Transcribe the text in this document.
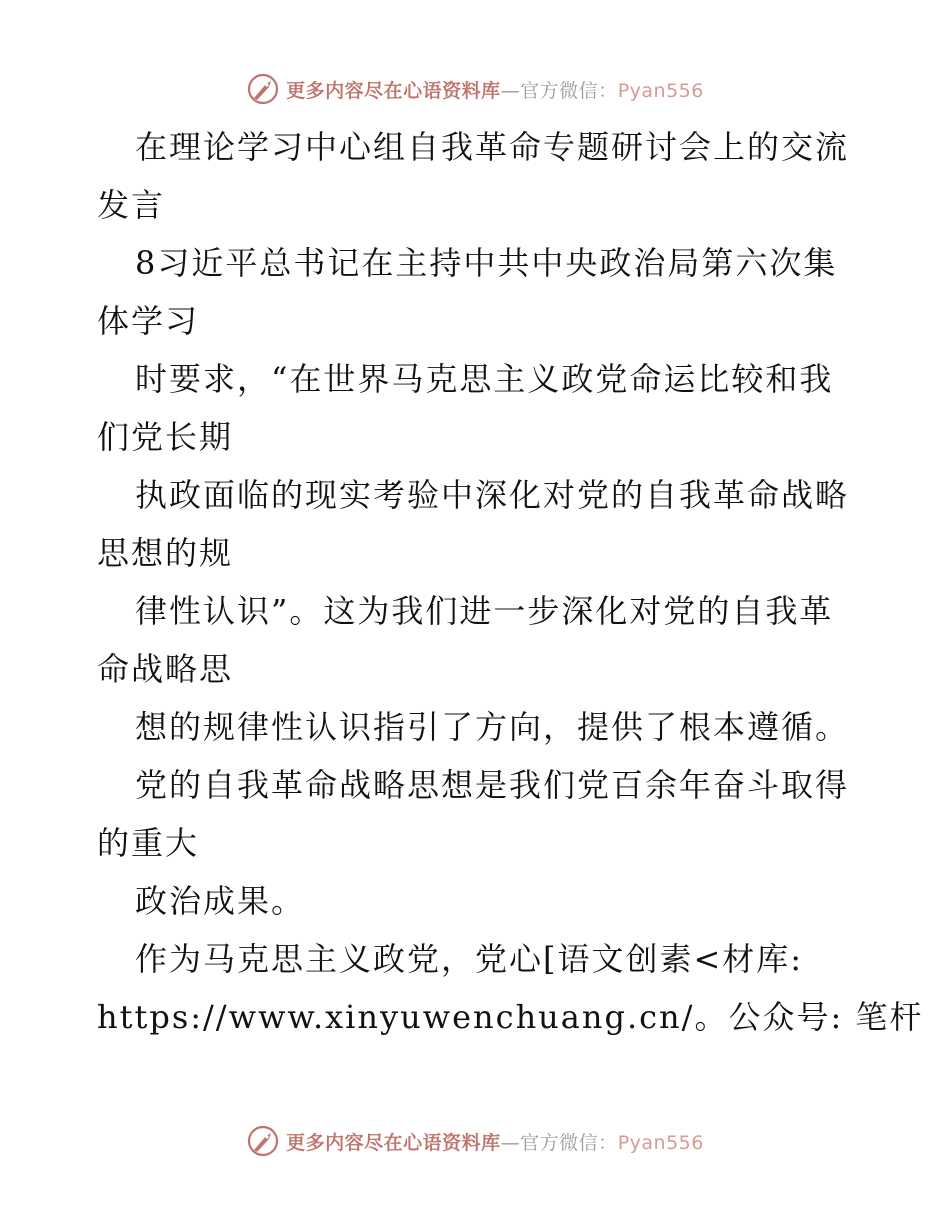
更多内容尽在心语资料库—官方微信：Pyan556
在理论学习中心组自我革命专题研讨会上的交流
发言
8习近平总书记在主持中共中央政治局第六次集
体学习
时要求，“在世界马克思主义政党命运比较和我
们党长期
执政面临的现实考验中深化对党的自我革命战略
思想的规
律性认识”。这为我们进一步深化对党的自我革
命战略思
想的规律性认识指引了方向，提供了根本遵循。
党的自我革命战略思想是我们党百余年奋斗取得
的重大
政治成果。
作为马克思主义政党，党心[语文创素<材库:
https://www.xinyuwenchuang.cn/。公众号: 笔杆
更多内容尽在心语资料库—官方微信：Pyan556
